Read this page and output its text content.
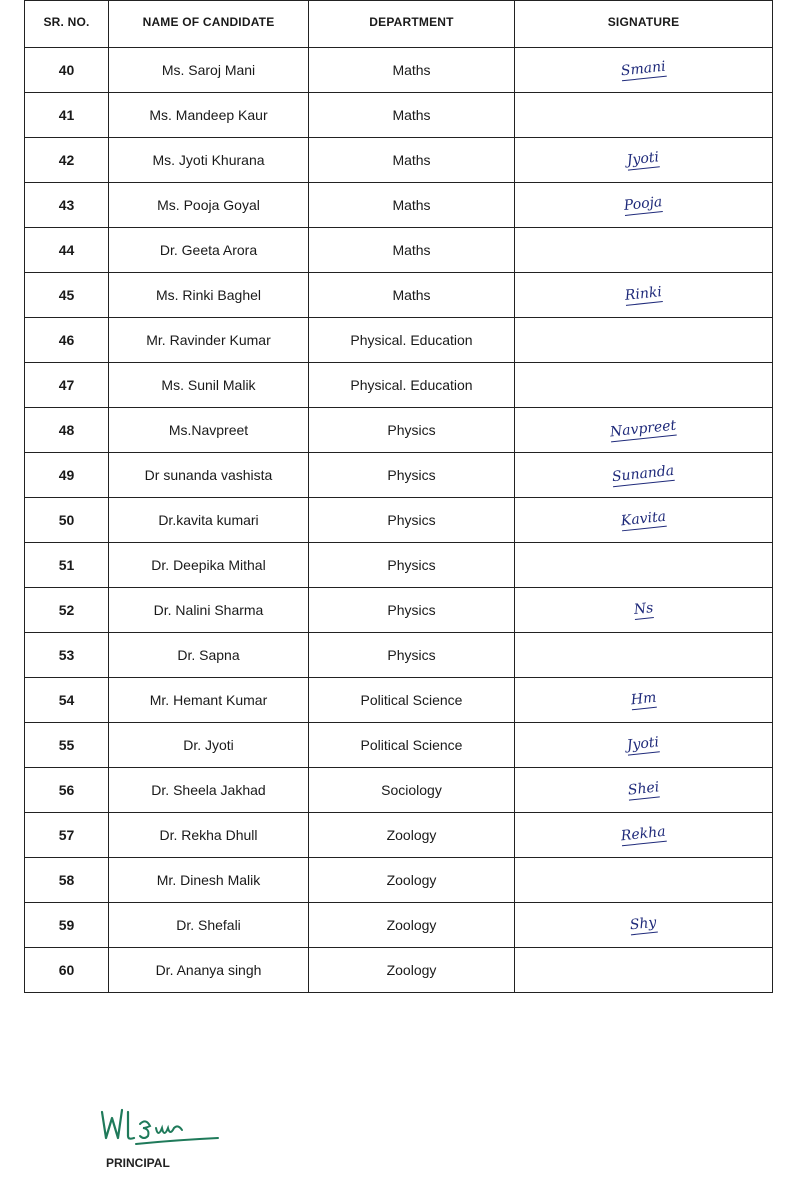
SR. NO.	NAME OF CANDIDATE	DEPARTMENT	SIGNATURE
40	Ms. Saroj Mani	Maths	Smani
41	Ms. Mandeep Kaur	Maths	
42	Ms. Jyoti Khurana	Maths	Jyoti
43	Ms. Pooja Goyal	Maths	Pooja
44	Dr. Geeta Arora	Maths	
45	Ms. Rinki Baghel	Maths	Rinki
46	Mr. Ravinder Kumar	Physical. Education	
47	Ms. Sunil Malik	Physical. Education	
48	Ms.Navpreet	Physics	Navpreet
49	Dr sunanda vashista	Physics	Sunanda
50	Dr.kavita kumari	Physics	Kavita
51	Dr. Deepika Mithal	Physics	
52	Dr. Nalini Sharma	Physics	Ns
53	Dr. Sapna	Physics	
54	Mr. Hemant Kumar	Political Science	Hm
55	Dr. Jyoti	Political Science	Jyoti
56	Dr. Sheela Jakhad	Sociology	Shei
57	Dr. Rekha Dhull	Zoology	Rekha
58	Mr. Dinesh Malik	Zoology	
59	Dr. Shefali	Zoology	Shy
60	Dr. Ananya singh	Zoology	
PRINCIPAL
